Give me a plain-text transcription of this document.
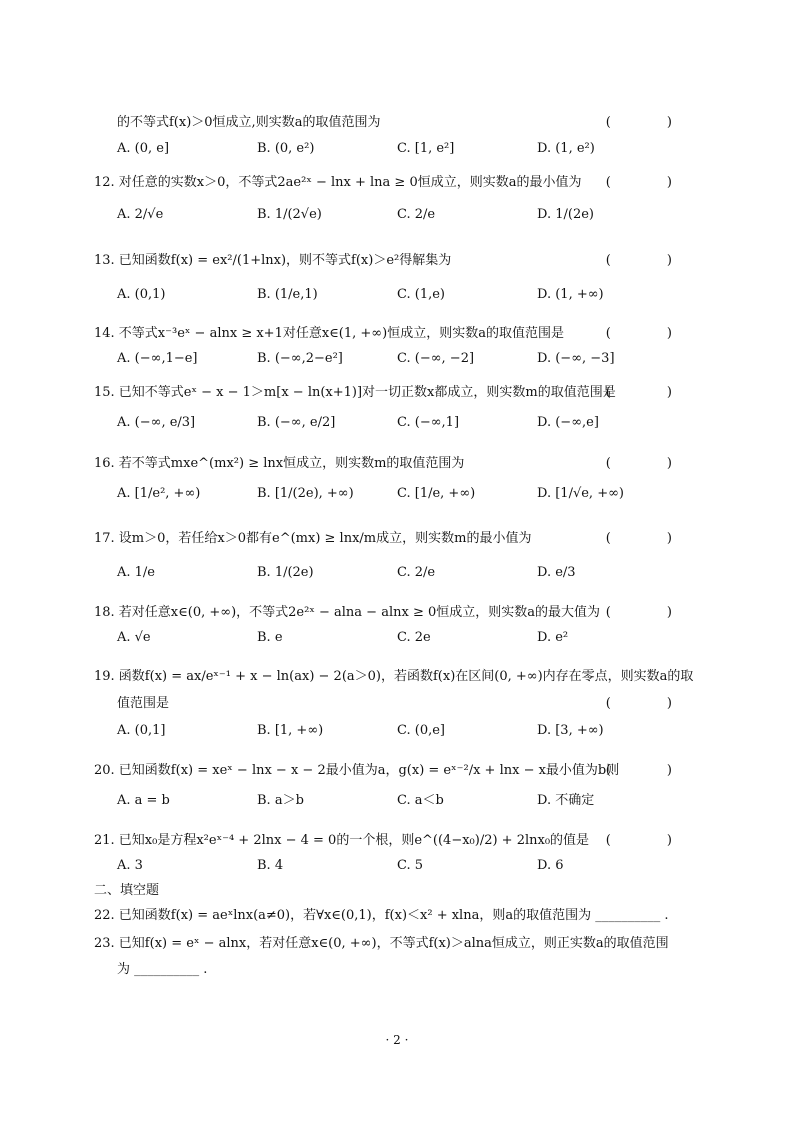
的不等式f(x)＞0恒成立,则实数a的取值范围为	( )
A. (0, e]	B. (0, e²)	C. [1, e²]	D. (1, e²)
12. 对任意的实数x＞0，不等式2ae²ˣ − lnx + lna ≥ 0恒成立，则实数a的最小值为	( )
A. 2/√e	B. 1/(2√e)	C. 2/e	D. 1/(2e)
13. 已知函数f(x) = ex²/(1+lnx)，则不等式f(x)＞e²得解集为	( )
A. (0,1)	B. (1/e,1)	C. (1,e)	D. (1, +∞)
14. 不等式x⁻³eˣ − alnx ≥ x+1对任意x∈(1, +∞)恒成立，则实数a的取值范围是	( )
A. (−∞,1−e]	B. (−∞,2−e²]	C. (−∞, −2]	D. (−∞, −3]
15. 已知不等式eˣ − x − 1＞m[x − ln(x+1)]对一切正数x都成立，则实数m的取值范围是
( )
A. (−∞, e/3]	B. (−∞, e/2]	C. (−∞,1]	D. (−∞,e]
16. 若不等式mxe^(mx²) ≥ lnx恒成立，则实数m的取值范围为	( )
A. [1/e², +∞)	B. [1/(2e), +∞)	C. [1/e, +∞)	D. [1/√e, +∞)
17. 设m＞0，若任给x＞0都有e^(mx) ≥ lnx/m成立，则实数m的最小值为	( )
A. 1/e	B. 1/(2e)	C. 2/e	D. e/3
18. 若对任意x∈(0, +∞)，不等式2e²ˣ − alna − alnx ≥ 0恒成立，则实数a的最大值为 ( )
A. √e	B. e	C. 2e	D. e²
19. 函数f(x) = ax/eˣ⁻¹ + x − ln(ax) − 2(a＞0)，若函数f(x)在区间(0, +∞)内存在零点，则实数a的取
值范围是	( )
A. (0,1]	B. [1, +∞)	C. (0,e]	D. [3, +∞)
20. 已知函数f(x) = xeˣ − lnx − x − 2最小值为a，g(x) = eˣ⁻²/x + lnx − x最小值为b则
( )
A. a = b	B. a＞b	C. a＜b	D. 不确定
21. 已知x₀是方程x²eˣ⁻⁴ + 2lnx − 4 = 0的一个根，则e^((4−x₀)/2) + 2lnx₀的值是	( )
A. 3	B. 4	C. 5	D. 6
二、填空题
22. 已知函数f(x) = aeˣlnx(a≠0)，若∀x∈(0,1)，f(x)＜x² + xlna，则a的取值范围为 __________ .
23. 已知f(x) = eˣ − alnx，若对任意x∈(0, +∞)，不等式f(x)＞alna恒成立，则正实数a的取值范围
为 __________ .
· 2 ·
